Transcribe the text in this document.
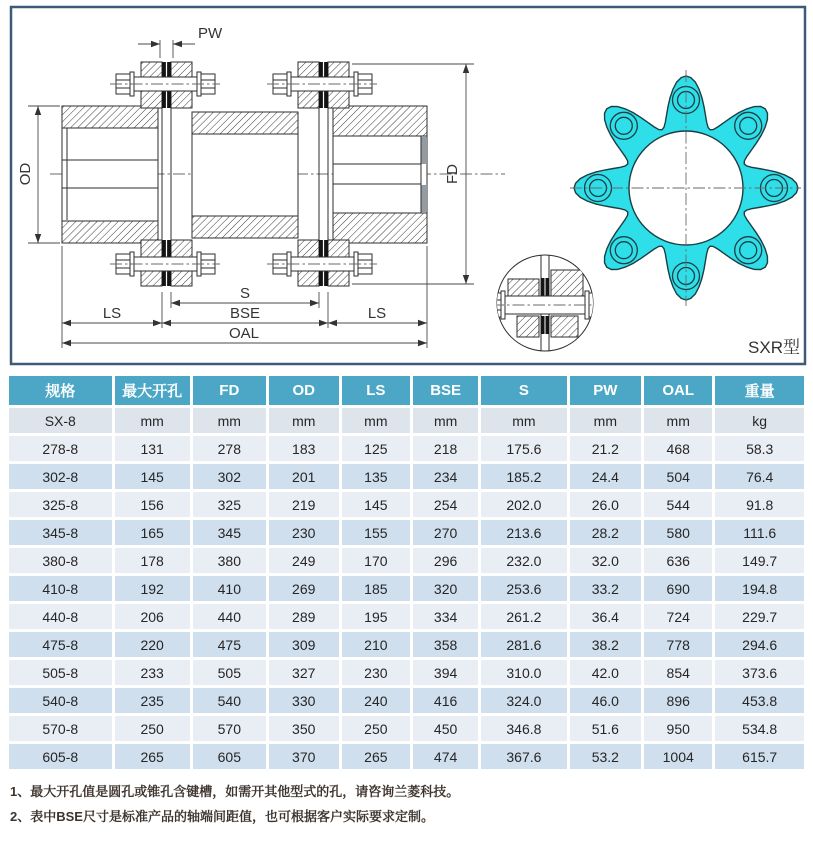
OD	FD
PW
S
LS	BSE	LS
OAL
SXR型
规格	最大开孔	FD	OD	LS	BSE	S	PW	OAL	重量
SX-8	mm	mm	mm	mm	mm	mm	mm	mm	kg
278-8	131	278	183	125	218	175.6	21.2	468	58.3
302-8	145	302	201	135	234	185.2	24.4	504	76.4
325-8	156	325	219	145	254	202.0	26.0	544	91.8
345-8	165	345	230	155	270	213.6	28.2	580	111.6
380-8	178	380	249	170	296	232.0	32.0	636	149.7
410-8	192	410	269	185	320	253.6	33.2	690	194.8
440-8	206	440	289	195	334	261.2	36.4	724	229.7
475-8	220	475	309	210	358	281.6	38.2	778	294.6
505-8	233	505	327	230	394	310.0	42.0	854	373.6
540-8	235	540	330	240	416	324.0	46.0	896	453.8
570-8	250	570	350	250	450	346.8	51.6	950	534.8
605-8	265	605	370	265	474	367.6	53.2	1004	615.7
1、最大开孔值是圆孔或锥孔含键槽，如需开其他型式的孔，请咨询兰菱科技。
2、表中BSE尺寸是标准产品的轴端间距值，也可根据客户实际要求定制。
